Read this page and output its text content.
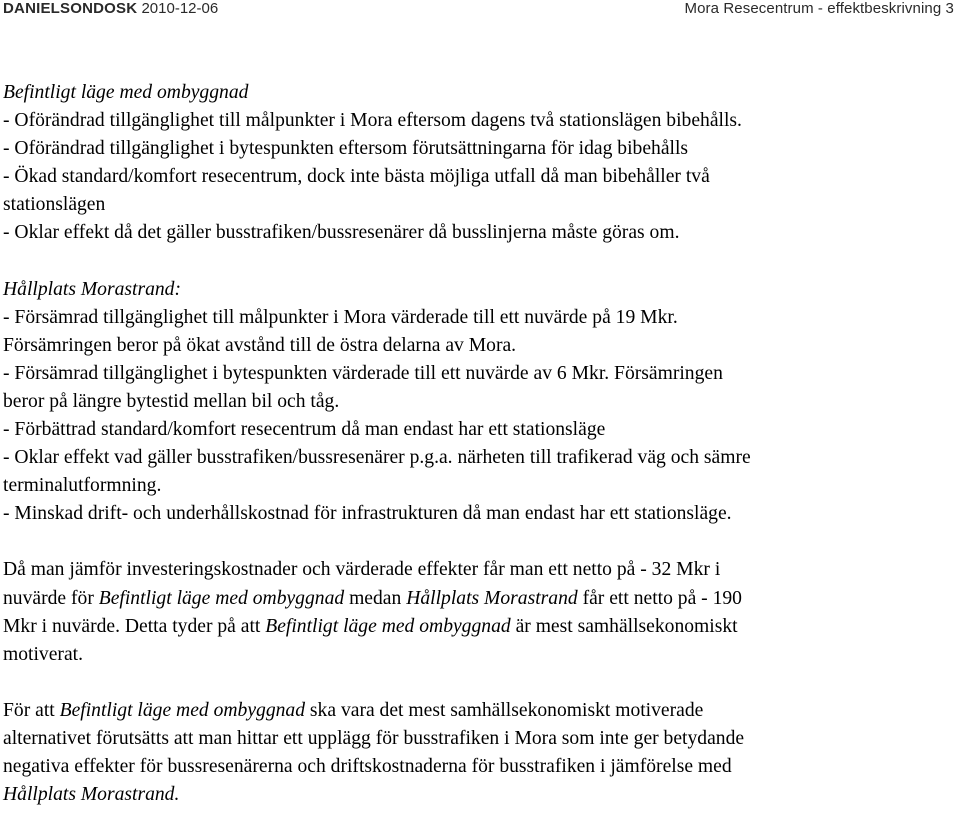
DANIELSONDOSK 2010-12-06	Mora Resecentrum - effektbeskrivning 3

Befintligt läge med ombyggnad

- Oförändrad tillgänglighet till målpunkter i Mora eftersom dagens två stationslägen bibehålls.

- Oförändrad tillgänglighet i bytespunkten eftersom förutsättningarna för idag bibehålls

- Ökad standard/komfort resecentrum, dock inte bästa möjliga utfall då man bibehåller två

stationslägen

- Oklar effekt då det gäller busstrafiken/bussresenärer då busslinjerna måste göras om.

Hållplats Morastrand:

- Försämrad tillgänglighet till målpunkter i Mora värderade till ett nuvärde på 19 Mkr.

Försämringen beror på ökat avstånd till de östra delarna av Mora.

- Försämrad tillgänglighet i bytespunkten värderade till ett nuvärde av 6 Mkr. Försämringen

beror på längre bytestid mellan bil och tåg.

- Förbättrad standard/komfort resecentrum då man endast har ett stationsläge

- Oklar effekt vad gäller busstrafiken/bussresenärer p.g.a. närheten till trafikerad väg och sämre

terminalutformning.

- Minskad drift- och underhållskostnad för infrastrukturen då man endast har ett stationsläge.

Då man jämför investeringskostnader och värderade effekter får man ett netto på - 32 Mkr i

nuvärde för Befintligt läge med ombyggnad medan Hållplats Morastrand får ett netto på - 190

Mkr i nuvärde. Detta tyder på att Befintligt läge med ombyggnad är mest samhällsekonomiskt

motiverat.

För att Befintligt läge med ombyggnad ska vara det mest samhällsekonomiskt motiverade

alternativet förutsätts att man hittar ett upplägg för busstrafiken i Mora som inte ger betydande

negativa effekter för bussresenärerna och driftskostnaderna för busstrafiken i jämförelse med

Hållplats Morastrand.
